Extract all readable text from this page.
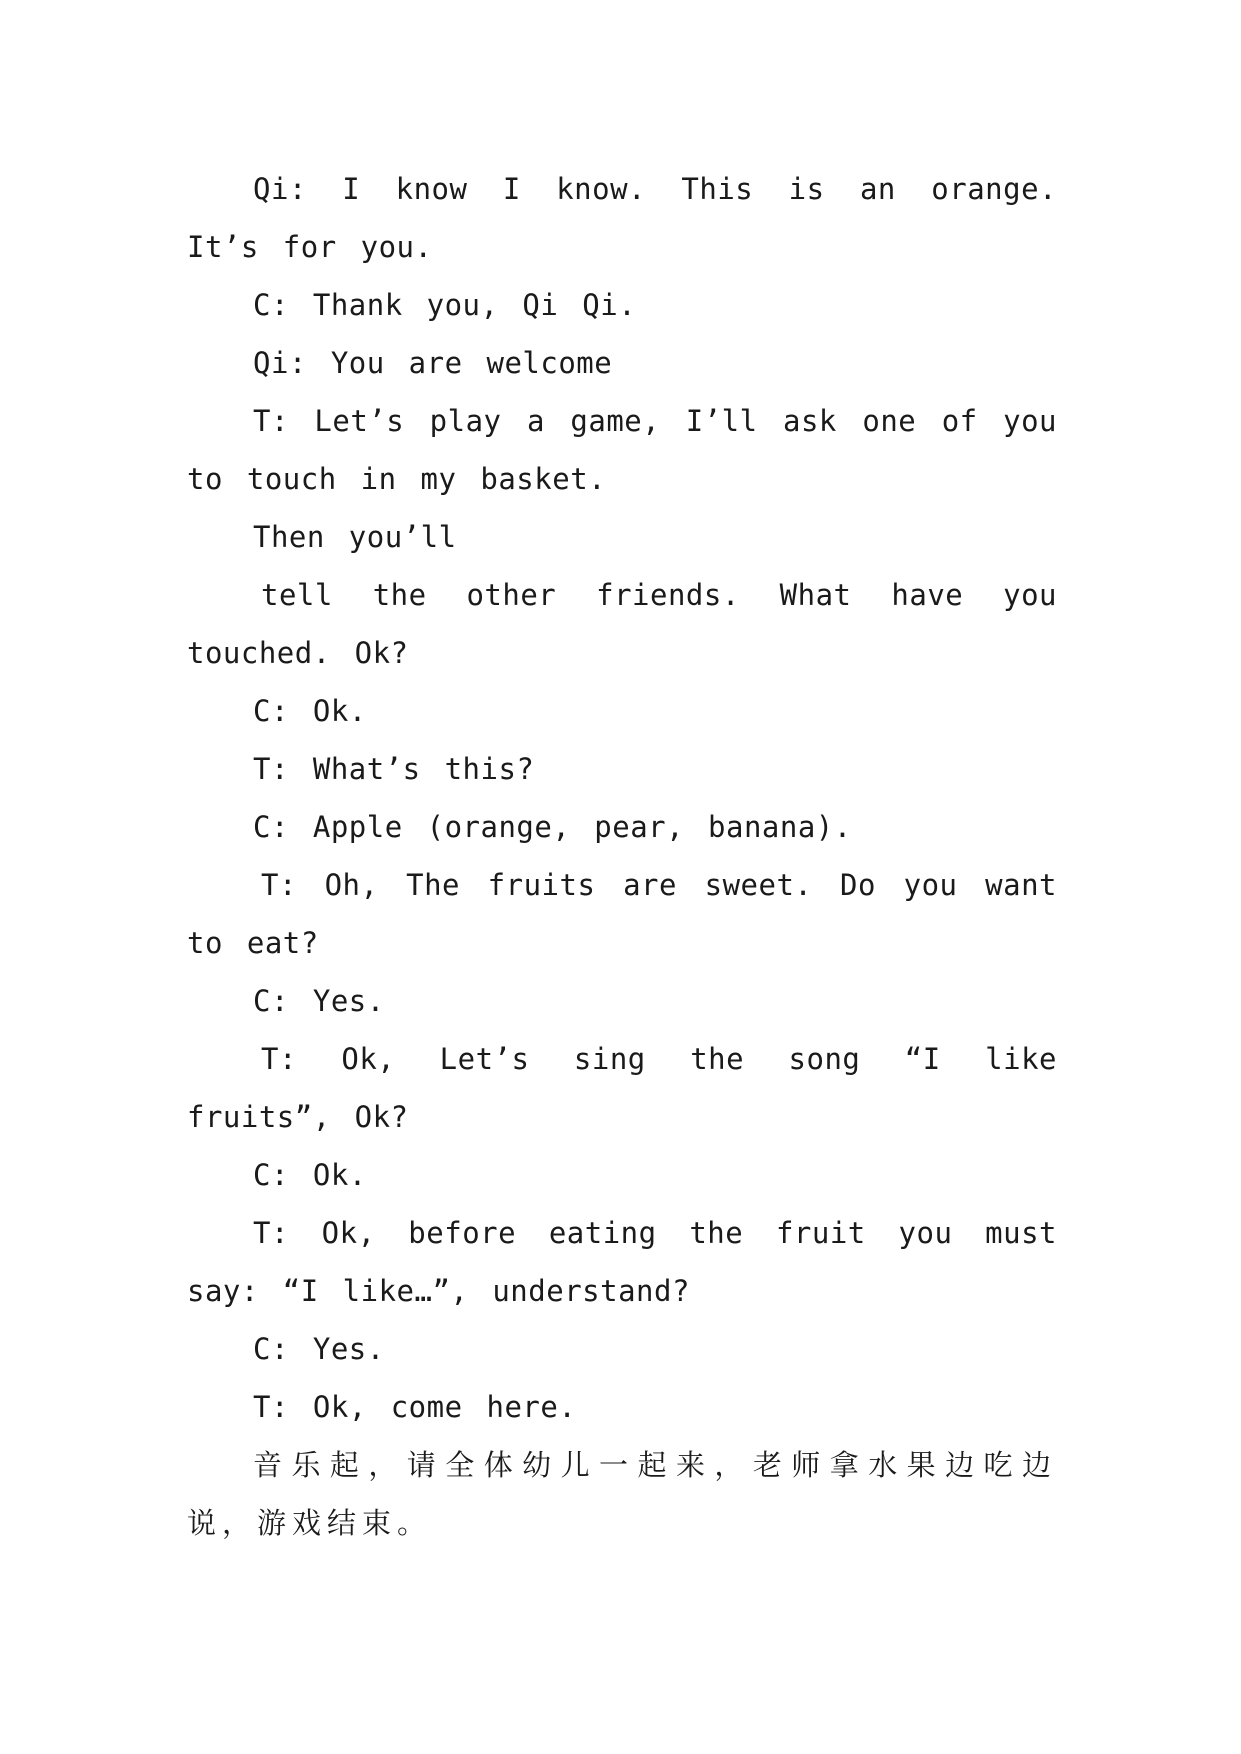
Qi: I know I know. This is an orange. It’s for you.

C: Thank you, Qi Qi.

Qi: You are welcome

T: Let’s play a game, I’ll ask one of you to touch in my basket.

Then you’ll

tell the other friends. What have you touched. Ok?

C: Ok.

T: What’s this?

C: Apple (orange, pear, banana).

T: Oh, The fruits are sweet. Do you want to eat?

C: Yes.

T: Ok, Let’s sing the song “I like fruits”, Ok?

C: Ok.

T: Ok, before eating the fruit you must say: “I like…”, understand?

C: Yes.

T: Ok, come here.

音乐起，请全体幼儿一起来，老师拿水果边吃边说，游戏结束。
